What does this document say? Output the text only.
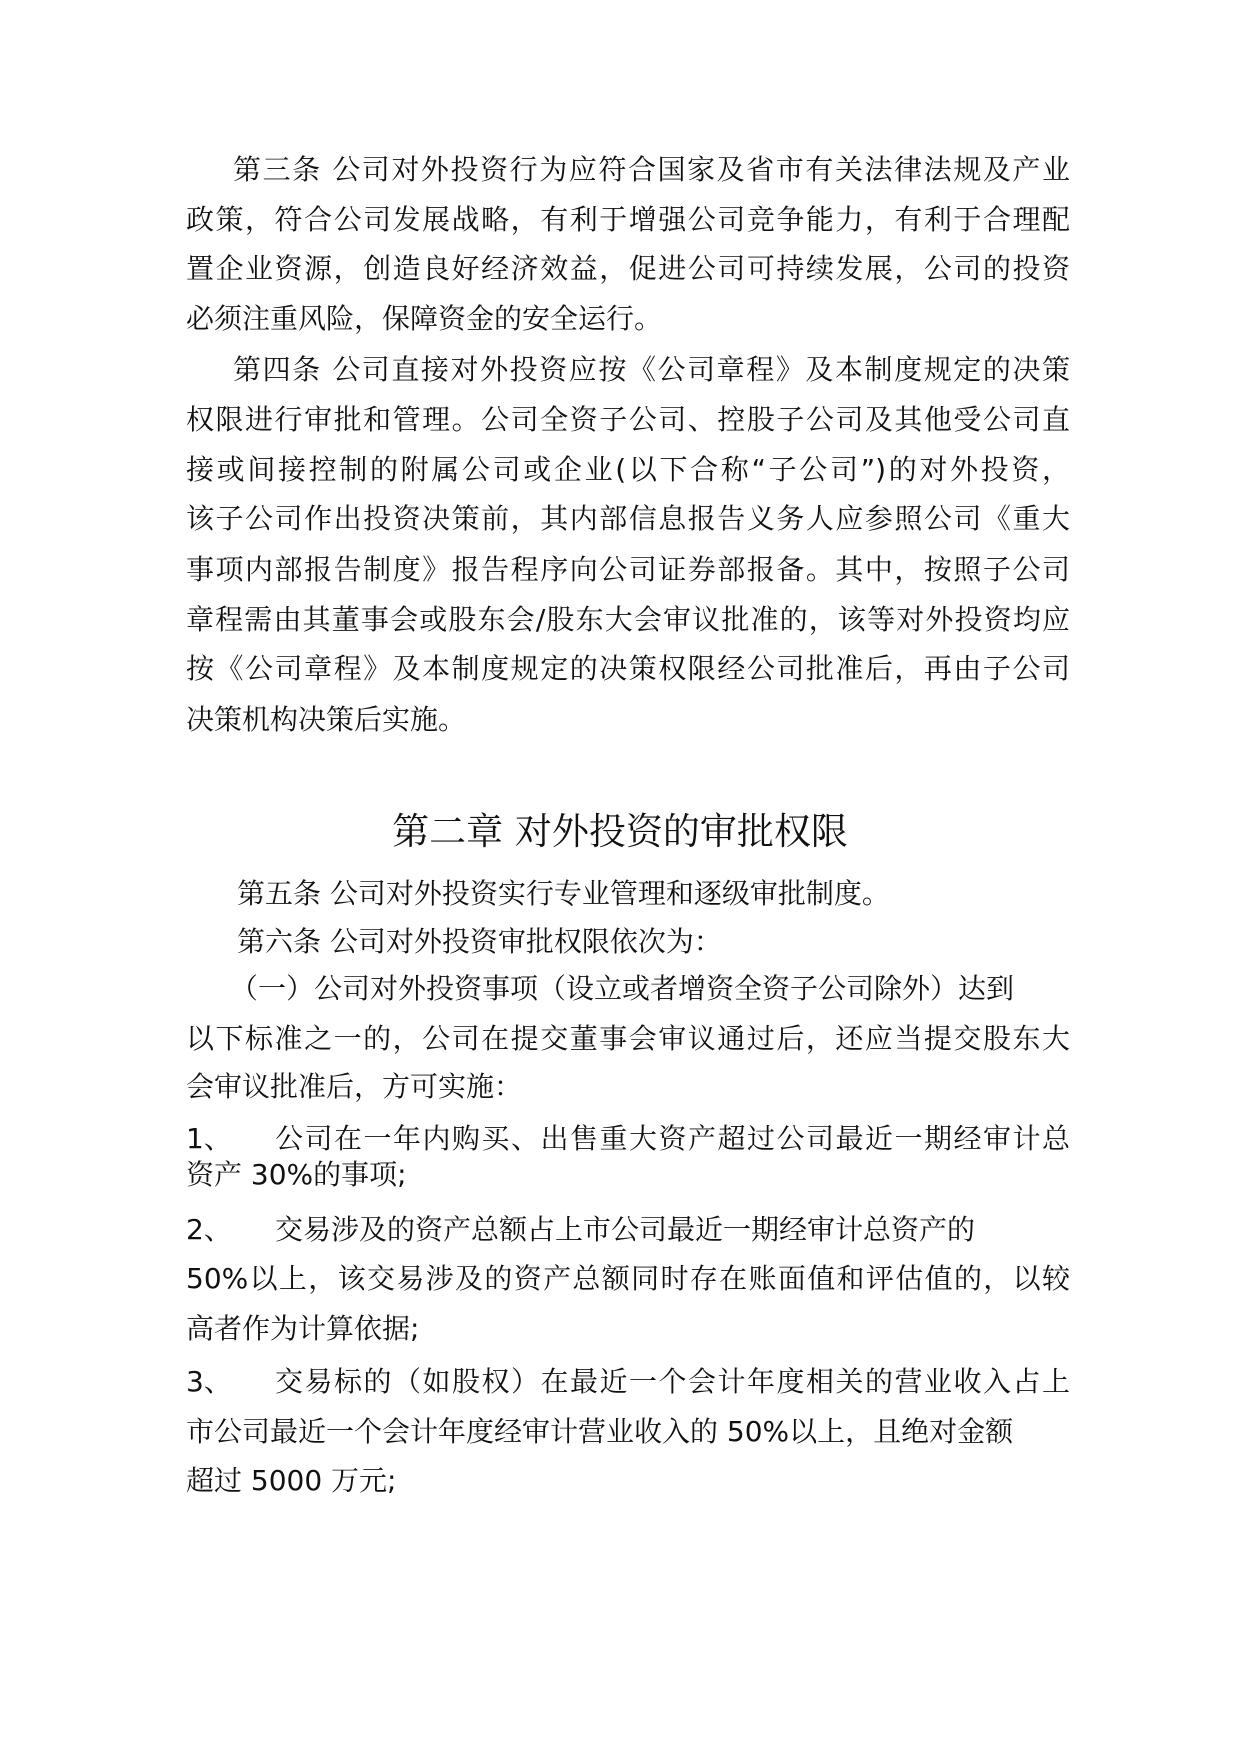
第三条 公司对外投资行为应符合国家及省市有关法律法规及产业
政策，符合公司发展战略，有利于增强公司竞争能力，有利于合理配
置企业资源，创造良好经济效益，促进公司可持续发展，公司的投资
必须注重风险，保障资金的安全运行。
第四条 公司直接对外投资应按《公司章程》及本制度规定的决策
权限进行审批和管理。公司全资子公司、控股子公司及其他受公司直
接或间接控制的附属公司或企业(以下合称“子公司”)的对外投资，
该子公司作出投资决策前，其内部信息报告义务人应参照公司《重大
事项内部报告制度》报告程序向公司证券部报备。其中，按照子公司
章程需由其董事会或股东会/股东大会审议批准的，该等对外投资均应
按《公司章程》及本制度规定的决策权限经公司批准后，再由子公司
决策机构决策后实施。
第二章 对外投资的审批权限
第五条 公司对外投资实行专业管理和逐级审批制度。
第六条 公司对外投资审批权限依次为：
（一）公司对外投资事项（设立或者增资全资子公司除外）达到
以下标准之一的，公司在提交董事会审议通过后，还应当提交股东大
会审议批准后，方可实施：
1、 公司在一年内购买、出售重大资产超过公司最近一期经审计总
资产 30%的事项;
2、 交易涉及的资产总额占上市公司最近一期经审计总资产的
50%以上，该交易涉及的资产总额同时存在账面值和评估值的，以较
高者作为计算依据;
3、 交易标的（如股权）在最近一个会计年度相关的营业收入占上
市公司最近一个会计年度经审计营业收入的 50%以上，且绝对金额
超过 5000 万元;
